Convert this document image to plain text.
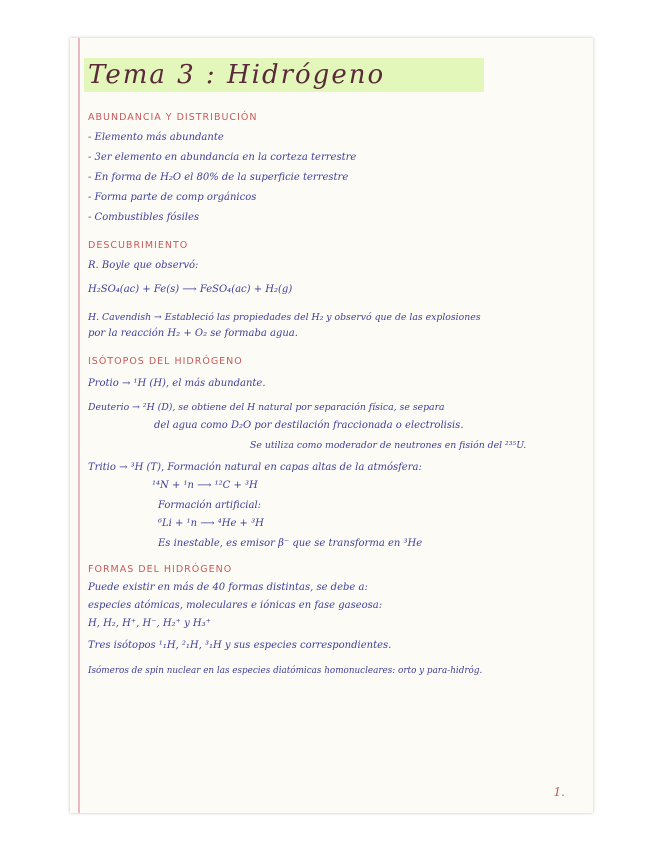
Tema 3 : Hidrógeno
ABUNDANCIA Y DISTRIBUCIÓN
- Elemento más abundante
- 3er elemento en abundancia en la corteza terrestre
- En forma de H₂O el 80% de la superficie terrestre
- Forma parte de comp orgánicos
- Combustibles fósiles
DESCUBRIMIENTO
R. Boyle que observó:
H₂SO₄(ac) + Fe(s) ⟶ FeSO₄(ac) + H₂(g)
H. Cavendish → Estableció las propiedades del H₂ y observó que de las explosiones
por la reacción H₂ + O₂ se formaba agua.
ISÓTOPOS DEL HIDRÓGENO
Protio → ¹H (H), el más abundante.
Deuterio → ²H (D), se obtiene del H natural por separación física, se separa
del agua como D₂O por destilación fraccionada o electrolisis.
Se utiliza como moderador de neutrones en fisión del ²³⁵U.
Tritio → ³H (T), Formación natural en capas altas de la atmósfera:
¹⁴N + ¹n ⟶ ¹²C + ³H
Formación artificial:
⁶Li + ¹n ⟶ ⁴He + ³H
Es inestable, es emisor β⁻ que se transforma en ³He
FORMAS DEL HIDRÓGENO
Puede existir en más de 40 formas distintas, se debe a:
especies atómicas, moleculares e iónicas en fase gaseosa:
H, H₂, H⁺, H⁻, H₂⁺ y H₃⁺
Tres isótopos ¹₁H, ²₁H, ³₁H y sus especies correspondientes.
Isómeros de spin nuclear en las especies diatómicas homonucleares: orto y para-hidróg.
1.
